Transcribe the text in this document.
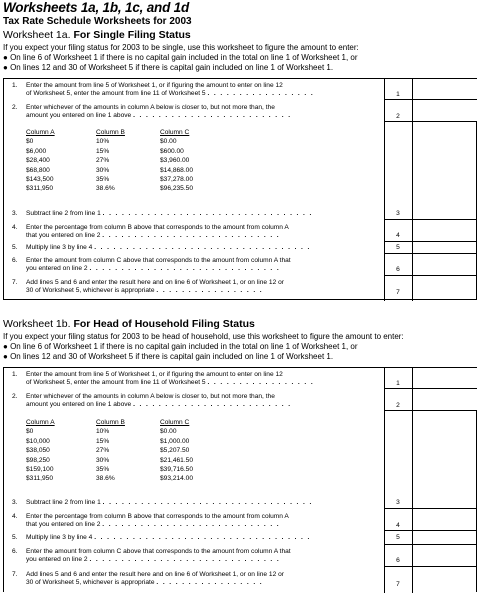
Worksheets 1a, 1b, 1c, and 1d
Tax Rate Schedule Worksheets for 2003
Worksheet 1a. For Single Filing Status
If you expect your filing status for 2003 to be single, use this worksheet to figure the amount to enter:
● On line 6 of Worksheet 1 if there is no capital gain included in the total on line 1 of Worksheet 1, or
● On lines 12 and 30 of Worksheet 5 if there is capital gain included on line 1 of Worksheet 1.
1. Enter the amount from line 5 of Worksheet 1, or if figuring the amount to enter on line 12
of Worksheet 5, enter the amount from line 11 of Worksheet 5 . . . . . . . . . . . . . . . . .	1
2. Enter whichever of the amounts in column A below is closer to, but not more than, the
amount you entered on line 1 above . . . . . . . . . . . . . . . . . . . . . . . . .	2
Column A	Column B	Column C
$0	10%	$0.00
$6,000	15%	$600.00
$28,400	27%	$3,960.00
$68,800	30%	$14,868.00
$143,500	35%	$37,278.00
$311,950	38.6%	$96,235.50
3. Subtract line 2 from line 1 . . . . . . . . . . . . . . . . . . . . . . . . . . . . . . . . .	3
4. Enter the percentage from column B above that corresponds to the amount from column A
that you entered on line 2 . . . . . . . . . . . . . . . . . . . . . . . . . . . .	4
5. Multiply line 3 by line 4 . . . . . . . . . . . . . . . . . . . . . . . . . . . . . . . . . .	5
6. Enter the amount from column C above that corresponds to the amount from column A that
you entered on line 2 . . . . . . . . . . . . . . . . . . . . . . . . . . . . . .	6
7. Add lines 5 and 6 and enter the result here and on line 6 of Worksheet 1, or on line 12 or
30 of Worksheet 5, whichever is appropriate . . . . . . . . . . . . . . . . .	7
Worksheet 1b. For Head of Household Filing Status
If you expect your filing status for 2003 to be head of household, use this worksheet to figure the amount to enter:
● On line 6 of Worksheet 1 if there is no capital gain included in the total on line 1 of Worksheet 1, or
● On lines 12 and 30 of Worksheet 5 if there is capital gain included on line 1 of Worksheet 1.
1. Enter the amount from line 5 of Worksheet 1, or if figuring the amount to enter on line 12
of Worksheet 5, enter the amount from line 11 of Worksheet 5 . . . . . . . . . . . . . . . . .	1
2. Enter whichever of the amounts in column A below is closer to, but not more than, the
amount you entered on line 1 above . . . . . . . . . . . . . . . . . . . . . . . . .	2
Column A	Column B	Column C
$0	10%	$0.00
$10,000	15%	$1,000.00
$38,050	27%	$5,207.50
$98,250	30%	$21,461.50
$159,100	35%	$39,716.50
$311,950	38.6%	$93,214.00
3. Subtract line 2 from line 1 . . . . . . . . . . . . . . . . . . . . . . . . . . . . . . . . .	3
4. Enter the percentage from column B above that corresponds to the amount from column A
that you entered on line 2 . . . . . . . . . . . . . . . . . . . . . . . . . . . .	4
5. Multiply line 3 by line 4 . . . . . . . . . . . . . . . . . . . . . . . . . . . . . . . . . .	5
6. Enter the amount from column C above that corresponds to the amount from column A that
you entered on line 2 . . . . . . . . . . . . . . . . . . . . . . . . . . . . . .	6
7. Add lines 5 and 6 and enter the result here and on line 6 of Worksheet 1, or on line 12 or
30 of Worksheet 5, whichever is appropriate . . . . . . . . . . . . . . . . .	7
